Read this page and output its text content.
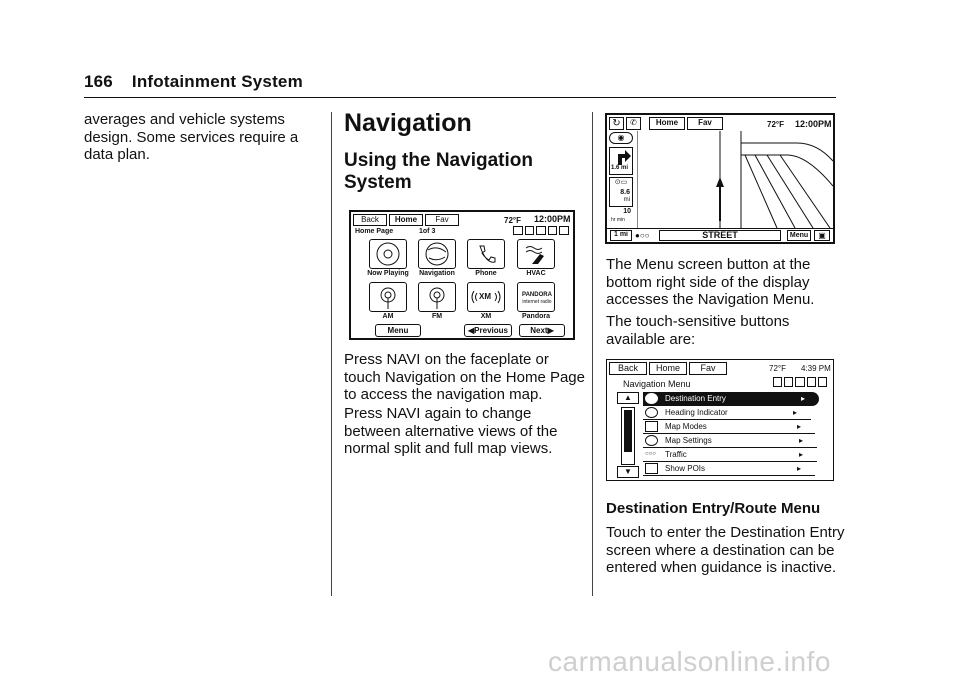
166 Infotainment System
averages and vehicle systems
design. Some services require a
data plan.
Navigation
Using the Navigation
System
Back	Home	Fav	72°F 12:00PM
Home Page	1of 3
Now Playing	Navigation	Phone	HVAC
AM	FM
XM
XM
PANDORA
internet radio
Pandora
Menu	◀Previous	Next▶
Press NAVI on the faceplate or
touch Navigation on the Home Page
to access the navigation map.
Press NAVI again to change
between alternative views of the
normal split and full map views.
↻	✆	Home	Fav	72°F 12:00PM
◉
1.6 mi
⊙▭
8.6
mi
10
hr min
1 mi ●○○	STREET	Menu	▣
The Menu screen button at the
bottom right side of the display
accesses the Navigation Menu.
The touch-sensitive buttons
available are:
Back	Home	Fav	72°F 4:39 PM
Navigation Menu
▲
▼
Destination Entry	▸
Heading Indicator	▸
Map Modes	▸
Map Settings	▸
○○○ Traffic	▸
Show POIs	▸
Destination Entry/Route Menu
Touch to enter the Destination Entry
screen where a destination can be
entered when guidance is inactive.
carmanualsonline.info
